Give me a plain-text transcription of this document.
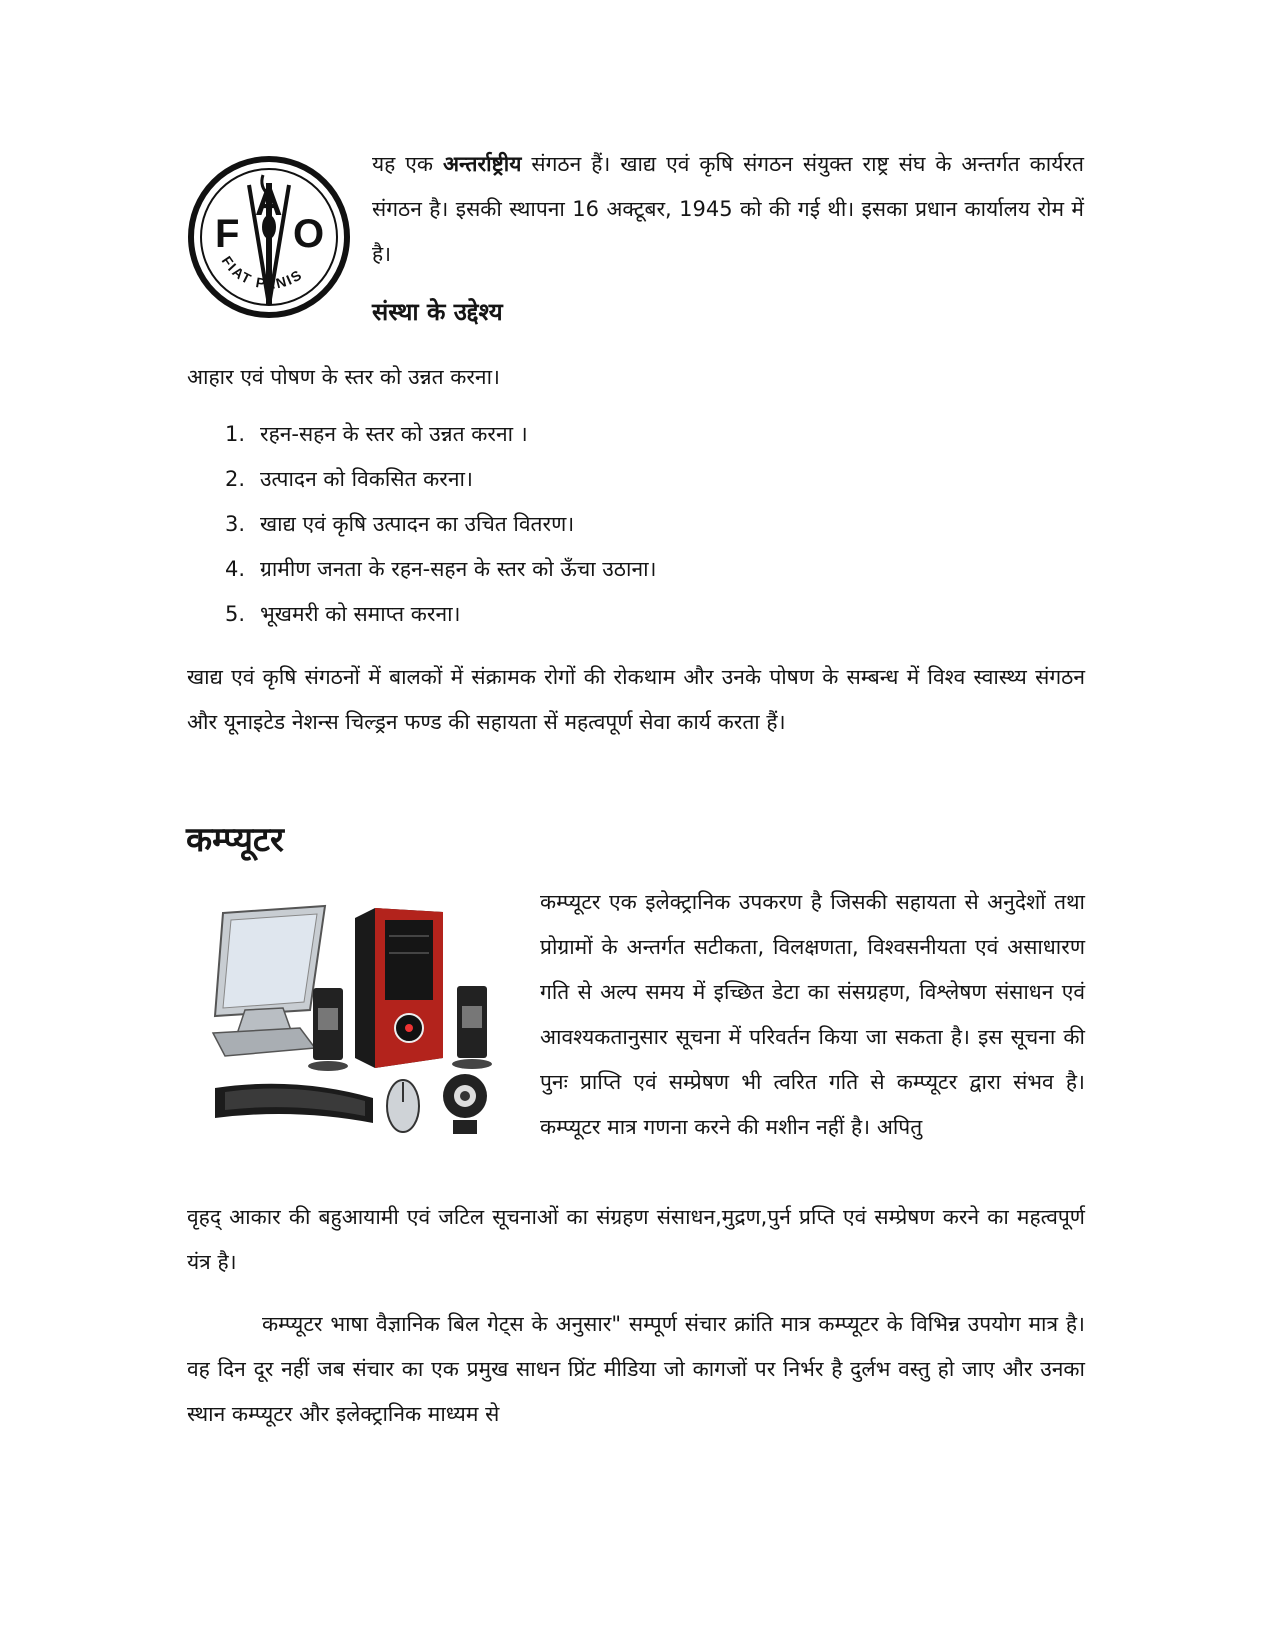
F
A
O
FIAT PANIS
यह एक अन्तर्राष्ट्रीय संगठन हैं। खाद्य एवं कृषि संगठन संयुक्त राष्ट्र संघ के अन्तर्गत कार्यरत संगठन है। इसकी स्थापना 16 अक्टूबर, 1945 को की गई थी। इसका प्रधान कार्यालय रोम में है।
संस्था के उद्देश्य
आहार एवं पोषण के स्तर को उन्नत करना।
1. रहन-सहन के स्तर को उन्नत करना ।
2. उत्पादन को विकसित करना।
3. खाद्य एवं कृषि उत्पादन का उचित वितरण।
4. ग्रामीण जनता के रहन-सहन के स्तर को ऊँचा उठाना।
5. भूखमरी को समाप्त करना।
खाद्य एवं कृषि संगठनों में बालकों में संक्रामक रोगों की रोकथाम और उनके पोषण के सम्बन्ध में विश्व स्वास्थ्य संगठन और यूनाइटेड नेशन्स चिल्ड्रन फण्ड की सहायता सें महत्वपूर्ण सेवा कार्य करता हैं।
कम्प्यूटर
कम्प्यूटर एक इलेक्ट्रानिक उपकरण है जिसकी सहायता से अनुदेशों तथा प्रोग्रामों के अन्तर्गत सटीकता, विलक्षणता, विश्वसनीयता एवं असाधारण गति से अल्प समय में इच्छित डेटा का संसग्रहण, विश्लेषण संसाधन एवं आवश्यकतानुसार सूचना में परिवर्तन किया जा सकता है। इस सूचना की पुनः प्राप्ति एवं सम्प्रेषण भी त्वरित गति से कम्प्यूटर द्वारा संभव है। कम्प्यूटर मात्र गणना करने की मशीन नहीं है। अपितु
वृहद् आकार की बहुआयामी एवं जटिल सूचनाओं का संग्रहण संसाधन,मुद्रण,पुर्न प्रप्ति एवं सम्प्रेषण करने का महत्वपूर्ण यंत्र है।
कम्प्यूटर भाषा वैज्ञानिक बिल गेट्स के अनुसार" सम्पूर्ण संचार क्रांति मात्र कम्प्यूटर के विभिन्न उपयोग मात्र है। वह दिन दूर नहीं जब संचार का एक प्रमुख साधन प्रिंट मीडिया जो कागजों पर निर्भर है दुर्लभ वस्तु हो जाए और उनका स्थान कम्प्यूटर और इलेक्ट्रानिक माध्यम से
